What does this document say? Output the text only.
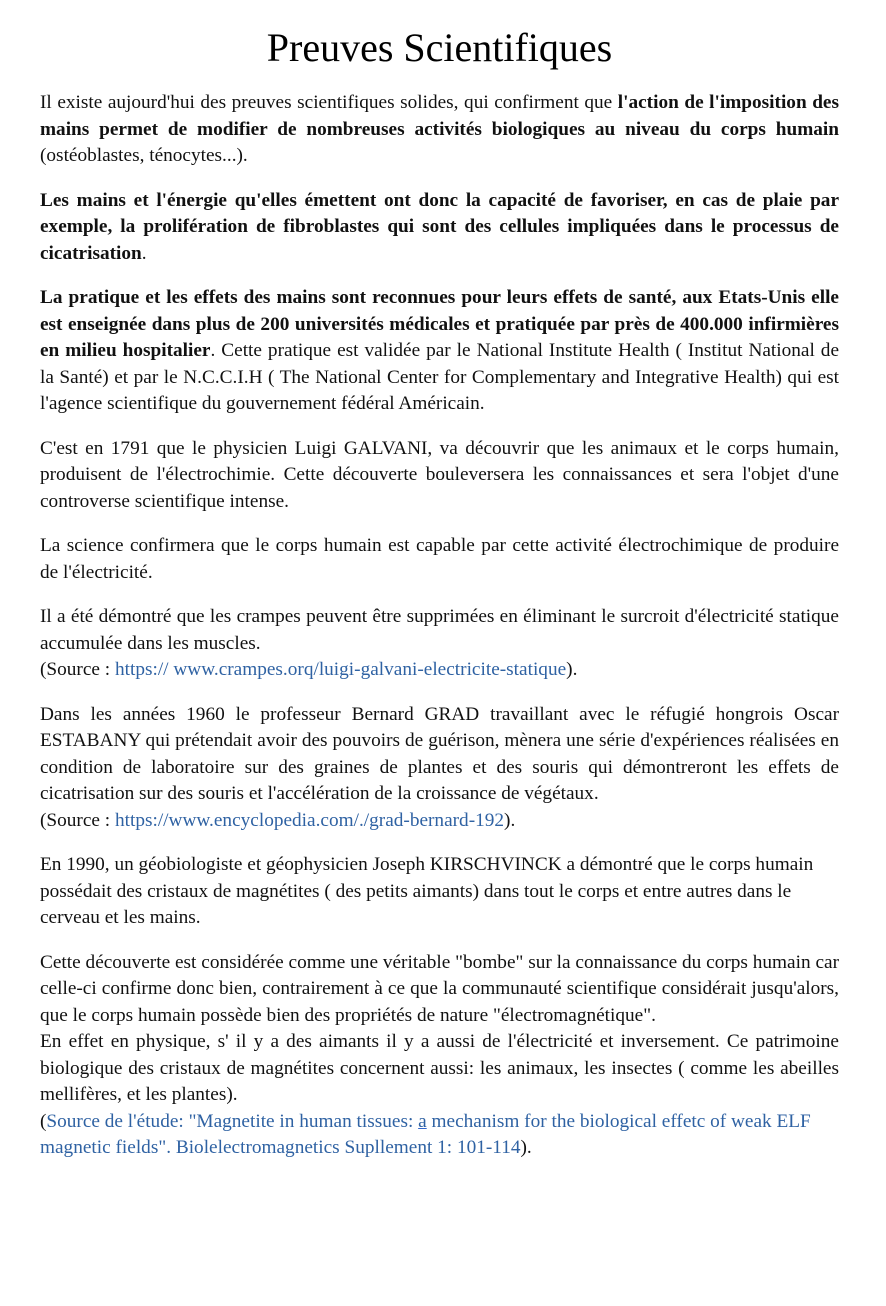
Preuves Scientifiques

Il existe aujourd'hui des preuves scientifiques solides, qui confirment que l'action de l'imposition des mains permet de modifier de nombreuses activités biologiques au niveau du corps humain (ostéoblastes, ténocytes...).

Les mains et l'énergie qu'elles émettent ont donc la capacité de favoriser, en cas de plaie par exemple, la prolifération de fibroblastes qui sont des cellules impliquées dans le processus de cicatrisation.

La pratique et les effets des mains sont reconnues pour leurs effets de santé, aux Etats-Unis elle est enseignée dans plus de 200 universités médicales et pratiquée par près de 400.000 infirmières en milieu hospitalier. Cette pratique est validée par le National Institute Health ( Institut National de la Santé) et par le N.C.C.I.H ( The National Center for Complementary and Integrative Health) qui est l'agence scientifique du gouvernement fédéral Américain.

C'est en 1791 que le physicien Luigi GALVANI, va découvrir que les animaux et le corps humain, produisent de l'électrochimie. Cette découverte bouleversera les connaissances et sera l'objet d'une controverse scientifique intense.

La science confirmera que le corps humain est capable par cette activité électrochimique de produire de l'électricité.

Il a été démontré que les crampes peuvent être supprimées en éliminant le surcroit d'électricité statique accumulée dans les muscles.
(Source : https:// www.crampes.orq/luigi-galvani-electricite-statique).

Dans les années 1960 le professeur Bernard GRAD travaillant avec le réfugié hongrois Oscar ESTABANY qui prétendait avoir des pouvoirs de guérison, mènera une série d'expériences réalisées en condition de laboratoire sur des graines de plantes et des souris qui démontreront les effets de cicatrisation sur des souris et l'accélération de la croissance de végétaux.
(Source : https://www.encyclopedia.com/./grad-bernard-192).

En 1990, un géobiologiste et géophysicien Joseph KIRSCHVINCK a démontré que le corps humain possédait des cristaux de magnétites ( des petits aimants) dans tout le corps et entre autres dans le cerveau et les mains.

Cette découverte est considérée comme une véritable "bombe" sur la connaissance du corps humain car celle-ci confirme donc bien, contrairement à ce que la communauté scientifique considérait jusqu'alors, que le corps humain possède bien des propriétés de nature "électromagnétique".
En effet en physique, s' il y a des aimants il y a aussi de l'électricité et inversement. Ce patrimoine biologique des cristaux de magnétites concernent aussi: les animaux, les insectes ( comme les abeilles mellifères, et les plantes).
(Source de l'étude: "Magnetite in human tissues: a mechanism for the biological effetc of weak ELF magnetic fields". Biolelectromagnetics Supllement 1: 101-114).
